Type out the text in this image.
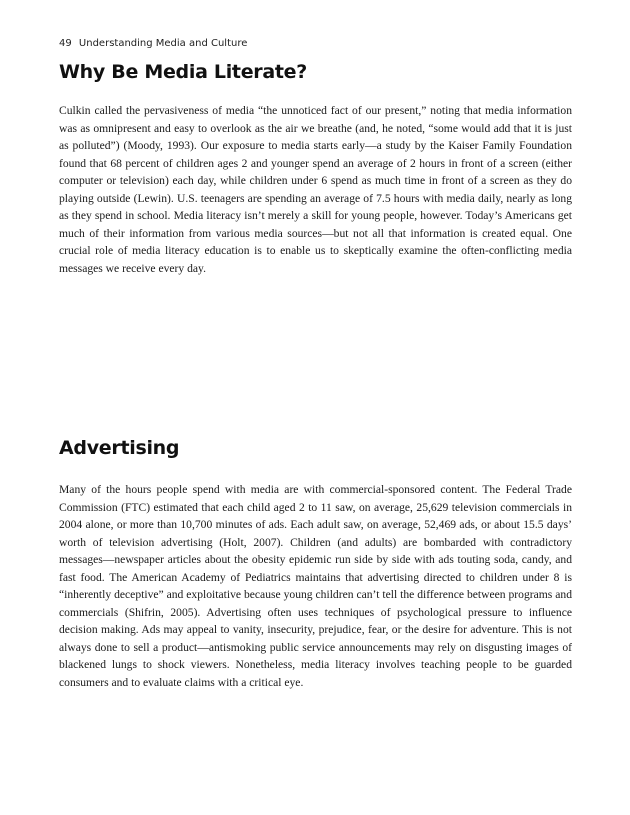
49 Understanding Media and Culture
Why Be Media Literate?

Culkin called the pervasiveness of media “the unnoticed fact of our present,” noting that media information was as omnipresent and easy to overlook as the air we breathe (and, he noted, “some would add that it is just as polluted”) (Moody, 1993). Our exposure to media starts early—a study by the Kaiser Family Foundation found that 68 percent of children ages 2 and younger spend an average of 2 hours in front of a screen (either computer or television) each day, while children under 6 spend as much time in front of a screen as they do playing outside (Lewin). U.S. teenagers are spending an average of 7.5 hours with media daily, nearly as long as they spend in school. Media literacy isn’t merely a skill for young people, however. Today’s Americans get much of their information from various media sources—but not all that information is created equal. One crucial role of media literacy education is to enable us to skeptically examine the often-conflicting media messages we receive every day.

Advertising

Many of the hours people spend with media are with commercial-sponsored content. The Federal Trade Commission (FTC) estimated that each child aged 2 to 11 saw, on average, 25,629 television commercials in 2004 alone, or more than 10,700 minutes of ads. Each adult saw, on average, 52,469 ads, or about 15.5 days’ worth of television advertising (Holt, 2007). Children (and adults) are bombarded with contradictory messages—newspaper articles about the obesity epidemic run side by side with ads touting soda, candy, and fast food. The American Academy of Pediatrics maintains that advertising directed to children under 8 is “inherently deceptive” and exploitative because young children can’t tell the difference between programs and commercials (Shifrin, 2005). Advertising often uses techniques of psychological pressure to influence decision making. Ads may appeal to vanity, insecurity, prejudice, fear, or the desire for adventure. This is not always done to sell a product—antismoking public service announcements may rely on disgusting images of blackened lungs to shock viewers. Nonetheless, media literacy involves teaching people to be guarded consumers and to evaluate claims with a critical eye.
